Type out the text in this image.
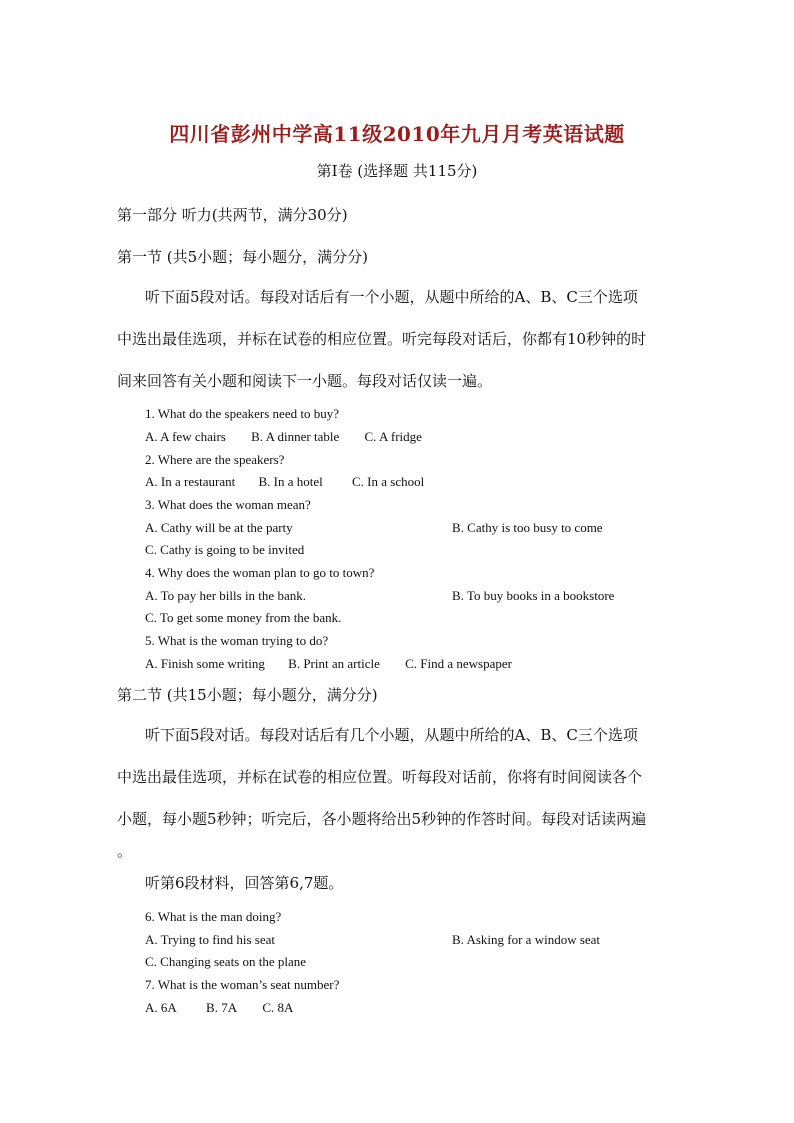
四川省彭州中学高11级2010年九月月考英语试题
第Ⅰ卷 (选择题 共115分)
第一部分 听力(共两节，满分30分)
第一节 (共5小题；每小题分，满分分)
听下面5段对话。每段对话后有一个小题，从题中所给的A、B、C三个选项
中选出最佳选项，并标在试卷的相应位置。听完每段对话后，你都有10秒钟的时
间来回答有关小题和阅读下一小题。每段对话仅读一遍。
1. What do the speakers need to buy?
A. A few chairs B. A dinner table C. A fridge
2. Where are the speakers?
A. In a restaurant B. In a hotel C. In a school
3. What does the woman mean?
A. Cathy will be at the party	B. Cathy is too busy to come
C. Cathy is going to be invited
4. Why does the woman plan to go to town?
A. To pay her bills in the bank.	B. To buy books in a bookstore
C. To get some money from the bank.
5. What is the woman trying to do?
A. Finish some writing B. Print an article C. Find a newspaper
第二节 (共15小题；每小题分，满分分)
听下面5段对话。每段对话后有几个小题，从题中所给的A、B、C三个选项
中选出最佳选项，并标在试卷的相应位置。听每段对话前，你将有时间阅读各个
小题，每小题5秒钟；听完后，各小题将给出5秒钟的作答时间。每段对话读两遍
。
听第6段材料，回答第6,7题。
6. What is the man doing?
A. Trying to find his seat	B. Asking for a window seat
C. Changing seats on the plane
7. What is the woman’s seat number?
A. 6A B. 7A C. 8A
